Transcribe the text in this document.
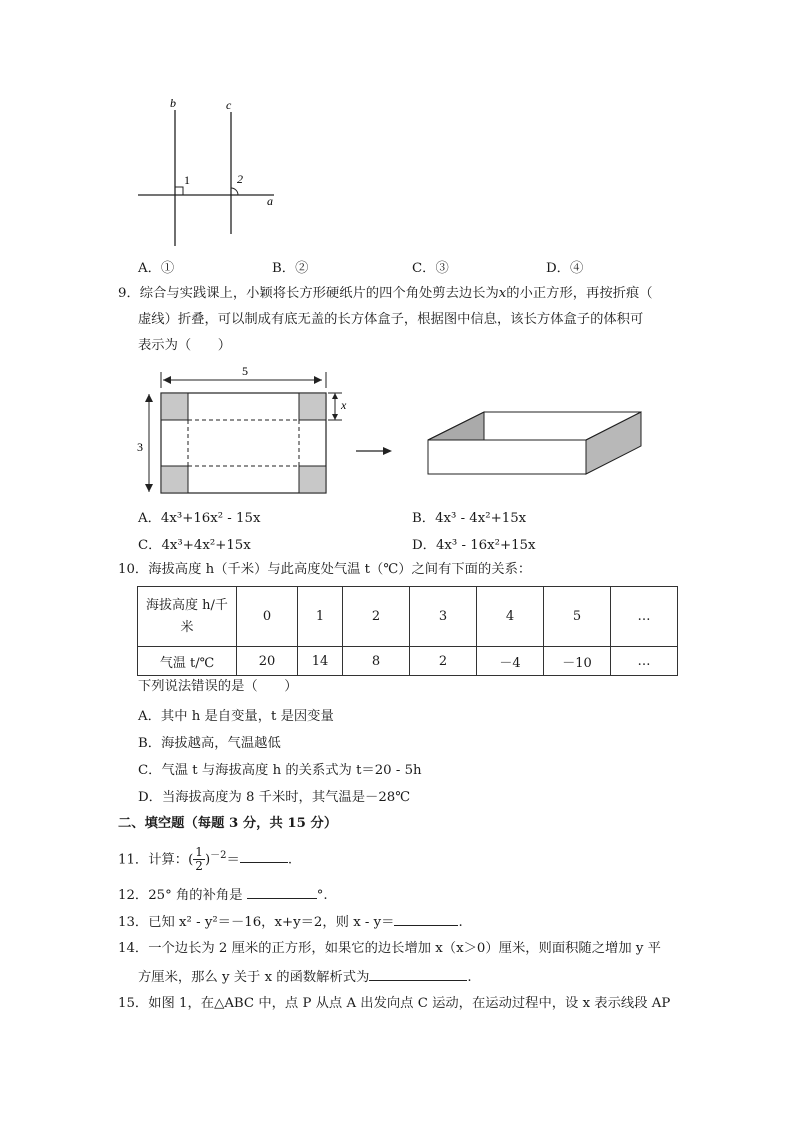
b	c
a
1	2
A．①	B．②	C．③	D．④
9．综合与实践课上，小颖将长方形硬纸片的四个角处剪去边长为x的小正方形，再按折痕（
虚线）折叠，可以制成有底无盖的长方体盒子，根据图中信息，该长方体盒子的体积可
表示为（　　）
5
3
x
A．4x³+16x² - 15x	B．4x³ - 4x²+15x
C．4x³+4x²+15x	D．4x³ - 16x²+15x
10．海拔高度 h（千米）与此高度处气温 t（℃）之间有下面的关系：
海拔高度 h/千
米	0	1	2	3	4	5	…
气温 t/℃	20	14	8	2	－4	－10	…
下列说法错误的是（　　）
A．其中 h 是自变量，t 是因变量
B．海拔越高，气温越低
C．气温 t 与海拔高度 h 的关系式为 t＝20 - 5h
D．当海拔高度为 8 千米时，其气温是－28℃
二、填空题（每题 3 分，共 15 分）
11．计算：( $\frac{1}{2} )^{-2}=$	.
12．25° 角的补角是	°.
13．已知 x² - y²＝－16，x+y＝2，则 x - y＝	.
14．一个边长为 2 厘米的正方形，如果它的边长增加 x（x＞0）厘米，则面积随之增加 y 平
方厘米，那么 y 关于 x 的函数解析式为	.
15．如图 1，在△ABC 中，点 P 从点 A 出发向点 C 运动，在运动过程中，设 x 表示线段 AP
